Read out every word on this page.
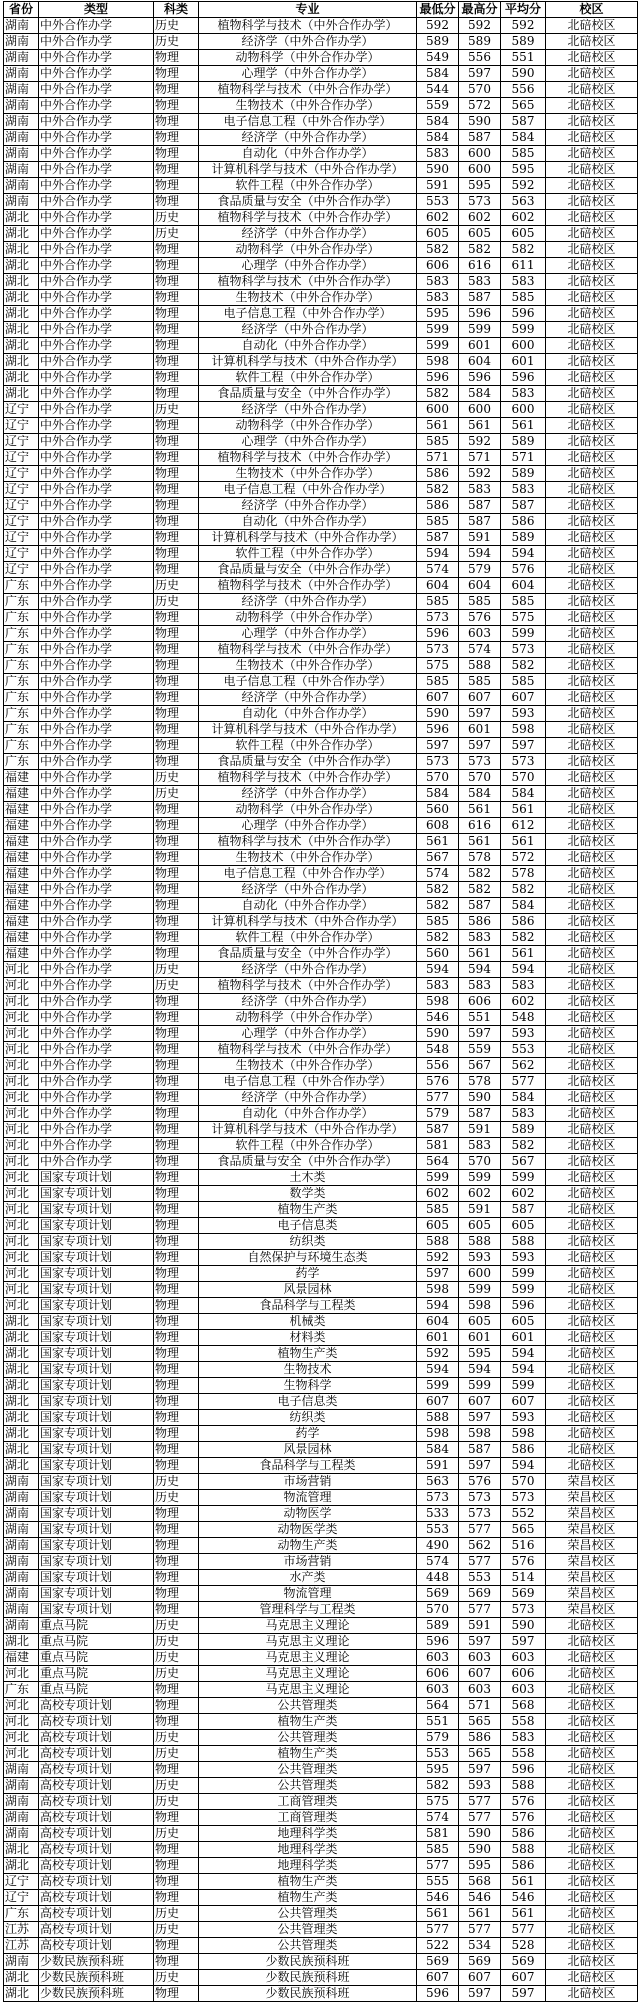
省份	类型	科类	专业	最低分	最高分	平均分	校区
湖南	中外合作办学	历史	植物科学与技术（中外合作办学）	592	592	592	北碚校区
湖南	中外合作办学	历史	经济学（中外合作办学）	589	589	589	北碚校区
湖南	中外合作办学	物理	动物科学（中外合作办学）	549	556	551	北碚校区
湖南	中外合作办学	物理	心理学（中外合作办学）	584	597	590	北碚校区
湖南	中外合作办学	物理	植物科学与技术（中外合作办学）	544	570	556	北碚校区
湖南	中外合作办学	物理	生物技术（中外合作办学）	559	572	565	北碚校区
湖南	中外合作办学	物理	电子信息工程（中外合作办学）	584	590	587	北碚校区
湖南	中外合作办学	物理	经济学（中外合作办学）	584	587	584	北碚校区
湖南	中外合作办学	物理	自动化（中外合作办学）	583	600	585	北碚校区
湖南	中外合作办学	物理	计算机科学与技术（中外合作办学）	590	600	595	北碚校区
湖南	中外合作办学	物理	软件工程（中外合作办学）	591	595	592	北碚校区
湖南	中外合作办学	物理	食品质量与安全（中外合作办学）	553	573	563	北碚校区
湖北	中外合作办学	历史	植物科学与技术（中外合作办学）	602	602	602	北碚校区
湖北	中外合作办学	历史	经济学（中外合作办学）	605	605	605	北碚校区
湖北	中外合作办学	物理	动物科学（中外合作办学）	582	582	582	北碚校区
湖北	中外合作办学	物理	心理学（中外合作办学）	606	616	611	北碚校区
湖北	中外合作办学	物理	植物科学与技术（中外合作办学）	583	583	583	北碚校区
湖北	中外合作办学	物理	生物技术（中外合作办学）	583	587	585	北碚校区
湖北	中外合作办学	物理	电子信息工程（中外合作办学）	595	596	596	北碚校区
湖北	中外合作办学	物理	经济学（中外合作办学）	599	599	599	北碚校区
湖北	中外合作办学	物理	自动化（中外合作办学）	599	601	600	北碚校区
湖北	中外合作办学	物理	计算机科学与技术（中外合作办学）	598	604	601	北碚校区
湖北	中外合作办学	物理	软件工程（中外合作办学）	596	596	596	北碚校区
湖北	中外合作办学	物理	食品质量与安全（中外合作办学）	582	584	583	北碚校区
辽宁	中外合作办学	历史	经济学（中外合作办学）	600	600	600	北碚校区
辽宁	中外合作办学	物理	动物科学（中外合作办学）	561	561	561	北碚校区
辽宁	中外合作办学	物理	心理学（中外合作办学）	585	592	589	北碚校区
辽宁	中外合作办学	物理	植物科学与技术（中外合作办学）	571	571	571	北碚校区
辽宁	中外合作办学	物理	生物技术（中外合作办学）	586	592	589	北碚校区
辽宁	中外合作办学	物理	电子信息工程（中外合作办学）	582	583	583	北碚校区
辽宁	中外合作办学	物理	经济学（中外合作办学）	586	587	587	北碚校区
辽宁	中外合作办学	物理	自动化（中外合作办学）	585	587	586	北碚校区
辽宁	中外合作办学	物理	计算机科学与技术（中外合作办学）	587	591	589	北碚校区
辽宁	中外合作办学	物理	软件工程（中外合作办学）	594	594	594	北碚校区
辽宁	中外合作办学	物理	食品质量与安全（中外合作办学）	574	579	576	北碚校区
广东	中外合作办学	历史	植物科学与技术（中外合作办学）	604	604	604	北碚校区
广东	中外合作办学	历史	经济学（中外合作办学）	585	585	585	北碚校区
广东	中外合作办学	物理	动物科学（中外合作办学）	573	576	575	北碚校区
广东	中外合作办学	物理	心理学（中外合作办学）	596	603	599	北碚校区
广东	中外合作办学	物理	植物科学与技术（中外合作办学）	573	574	573	北碚校区
广东	中外合作办学	物理	生物技术（中外合作办学）	575	588	582	北碚校区
广东	中外合作办学	物理	电子信息工程（中外合作办学）	585	585	585	北碚校区
广东	中外合作办学	物理	经济学（中外合作办学）	607	607	607	北碚校区
广东	中外合作办学	物理	自动化（中外合作办学）	590	597	593	北碚校区
广东	中外合作办学	物理	计算机科学与技术（中外合作办学）	596	601	598	北碚校区
广东	中外合作办学	物理	软件工程（中外合作办学）	597	597	597	北碚校区
广东	中外合作办学	物理	食品质量与安全（中外合作办学）	573	573	573	北碚校区
福建	中外合作办学	历史	植物科学与技术（中外合作办学）	570	570	570	北碚校区
福建	中外合作办学	历史	经济学（中外合作办学）	584	584	584	北碚校区
福建	中外合作办学	物理	动物科学（中外合作办学）	560	561	561	北碚校区
福建	中外合作办学	物理	心理学（中外合作办学）	608	616	612	北碚校区
福建	中外合作办学	物理	植物科学与技术（中外合作办学）	561	561	561	北碚校区
福建	中外合作办学	物理	生物技术（中外合作办学）	567	578	572	北碚校区
福建	中外合作办学	物理	电子信息工程（中外合作办学）	574	582	578	北碚校区
福建	中外合作办学	物理	经济学（中外合作办学）	582	582	582	北碚校区
福建	中外合作办学	物理	自动化（中外合作办学）	582	587	584	北碚校区
福建	中外合作办学	物理	计算机科学与技术（中外合作办学）	585	586	586	北碚校区
福建	中外合作办学	物理	软件工程（中外合作办学）	582	583	582	北碚校区
福建	中外合作办学	物理	食品质量与安全（中外合作办学）	560	561	561	北碚校区
河北	中外合作办学	历史	经济学（中外合作办学）	594	594	594	北碚校区
河北	中外合作办学	历史	植物科学与技术（中外合作办学）	583	583	583	北碚校区
河北	中外合作办学	物理	经济学（中外合作办学）	598	606	602	北碚校区
河北	中外合作办学	物理	动物科学（中外合作办学）	546	551	548	北碚校区
河北	中外合作办学	物理	心理学（中外合作办学）	590	597	593	北碚校区
河北	中外合作办学	物理	植物科学与技术（中外合作办学）	548	559	553	北碚校区
河北	中外合作办学	物理	生物技术（中外合作办学）	556	567	562	北碚校区
河北	中外合作办学	物理	电子信息工程（中外合作办学）	576	578	577	北碚校区
河北	中外合作办学	物理	经济学（中外合作办学）	577	590	584	北碚校区
河北	中外合作办学	物理	自动化（中外合作办学）	579	587	583	北碚校区
河北	中外合作办学	物理	计算机科学与技术（中外合作办学）	587	591	589	北碚校区
河北	中外合作办学	物理	软件工程（中外合作办学）	581	583	582	北碚校区
河北	中外合作办学	物理	食品质量与安全（中外合作办学）	564	570	567	北碚校区
河北	国家专项计划	物理	土木类	599	599	599	北碚校区
河北	国家专项计划	物理	数学类	602	602	602	北碚校区
河北	国家专项计划	物理	植物生产类	585	591	587	北碚校区
河北	国家专项计划	物理	电子信息类	605	605	605	北碚校区
河北	国家专项计划	物理	纺织类	588	588	588	北碚校区
河北	国家专项计划	物理	自然保护与环境生态类	592	593	593	北碚校区
河北	国家专项计划	物理	药学	597	600	599	北碚校区
河北	国家专项计划	物理	风景园林	598	599	599	北碚校区
河北	国家专项计划	物理	食品科学与工程类	594	598	596	北碚校区
湖北	国家专项计划	物理	机械类	604	605	605	北碚校区
湖北	国家专项计划	物理	材料类	601	601	601	北碚校区
湖北	国家专项计划	物理	植物生产类	592	595	594	北碚校区
湖北	国家专项计划	物理	生物技术	594	594	594	北碚校区
湖北	国家专项计划	物理	生物科学	599	599	599	北碚校区
湖北	国家专项计划	物理	电子信息类	607	607	607	北碚校区
湖北	国家专项计划	物理	纺织类	588	597	593	北碚校区
湖北	国家专项计划	物理	药学	598	598	598	北碚校区
湖北	国家专项计划	物理	风景园林	584	587	586	北碚校区
湖北	国家专项计划	物理	食品科学与工程类	591	597	594	北碚校区
湖南	国家专项计划	历史	市场营销	563	576	570	荣昌校区
湖南	国家专项计划	历史	物流管理	573	573	573	荣昌校区
湖南	国家专项计划	物理	动物医学	533	573	552	荣昌校区
湖南	国家专项计划	物理	动物医学类	553	577	565	荣昌校区
湖南	国家专项计划	物理	动物生产类	490	562	516	荣昌校区
湖南	国家专项计划	物理	市场营销	574	577	576	荣昌校区
湖南	国家专项计划	物理	水产类	448	553	514	荣昌校区
湖南	国家专项计划	物理	物流管理	569	569	569	荣昌校区
湖南	国家专项计划	物理	管理科学与工程类	570	577	573	荣昌校区
湖南	重点马院	历史	马克思主义理论	589	591	590	北碚校区
湖北	重点马院	历史	马克思主义理论	596	597	597	北碚校区
福建	重点马院	历史	马克思主义理论	603	603	603	北碚校区
河北	重点马院	历史	马克思主义理论	606	607	606	北碚校区
广东	重点马院	物理	马克思主义理论	603	603	603	北碚校区
河北	高校专项计划	物理	公共管理类	564	571	568	北碚校区
河北	高校专项计划	物理	植物生产类	551	565	558	北碚校区
河北	高校专项计划	历史	公共管理类	579	586	583	北碚校区
河北	高校专项计划	历史	植物生产类	553	565	558	北碚校区
湖南	高校专项计划	物理	公共管理类	595	597	596	北碚校区
湖南	高校专项计划	历史	公共管理类	582	593	588	北碚校区
湖南	高校专项计划	历史	工商管理类	575	577	576	北碚校区
湖南	高校专项计划	物理	工商管理类	574	577	576	北碚校区
湖南	高校专项计划	历史	地理科学类	581	590	586	北碚校区
湖北	高校专项计划	物理	地理科学类	585	590	588	北碚校区
湖北	高校专项计划	物理	地理科学类	577	595	586	北碚校区
辽宁	高校专项计划	物理	植物生产类	555	568	561	北碚校区
辽宁	高校专项计划	物理	植物生产类	546	546	546	北碚校区
广东	高校专项计划	历史	公共管理类	561	561	561	北碚校区
江苏	高校专项计划	历史	公共管理类	577	577	577	北碚校区
江苏	高校专项计划	物理	公共管理类	522	534	528	北碚校区
湖南	少数民族预科班	物理	少数民族预科班	569	569	569	北碚校区
湖北	少数民族预科班	历史	少数民族预科班	607	607	607	北碚校区
湖北	少数民族预科班	物理	少数民族预科班	596	597	597	北碚校区
